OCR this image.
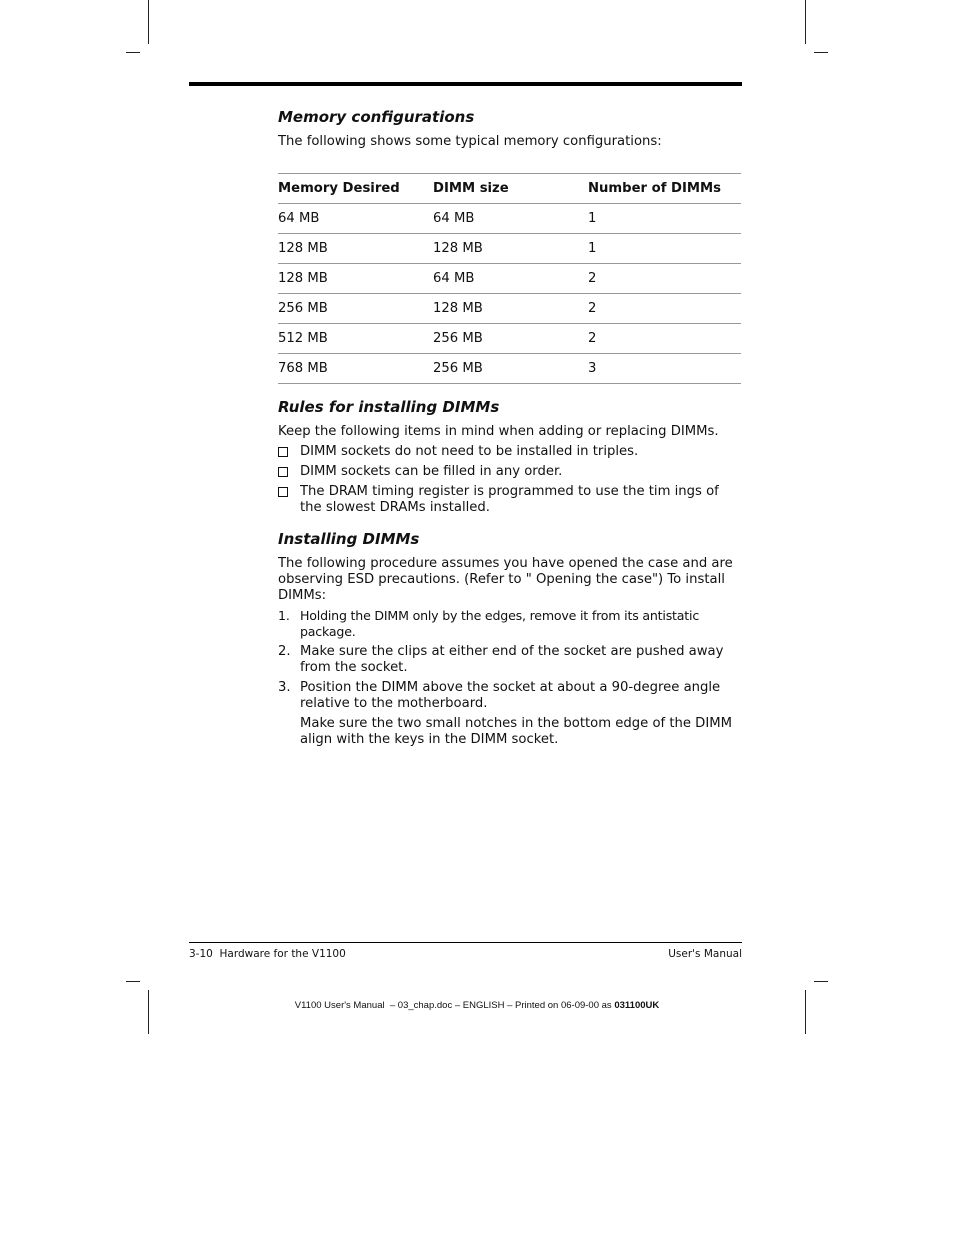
Memory configurations

The following shows some typical memory configurations:

Memory Desired	DIMM size	Number of DIMMs
64 MB	64 MB	1
128 MB	128 MB	1
128 MB	64 MB	2
256 MB	128 MB	2
512 MB	256 MB	2
768 MB	256 MB	3
Rules for installing DIMMs

Keep the following items in mind when adding or replacing DIMMs.

DIMM sockets do not need to be installed in triples.
DIMM sockets can be filled in any order.
The DRAM timing register is programmed to use the tim ings of the slowest DRAMs installed.
Installing DIMMs

The following procedure assumes you have opened the case and are observing ESD precautions. (Refer to " Opening the case") To install DIMMs:

1. Holding the DIMM only by the edges, remove it from its antistatic package.
2. Make sure the clips at either end of the socket are pushed away from the socket.
3. Position the DIMM above the socket at about a 90-degree angle relative to the motherboard.

Make sure the two small notches in the bottom edge of the DIMM align with the keys in the DIMM socket.

3-10  Hardware for the V1100	User's Manual
V1100 User's Manual  – 03_chap.doc – ENGLISH – Printed on 06-09-00 as 031100UK
